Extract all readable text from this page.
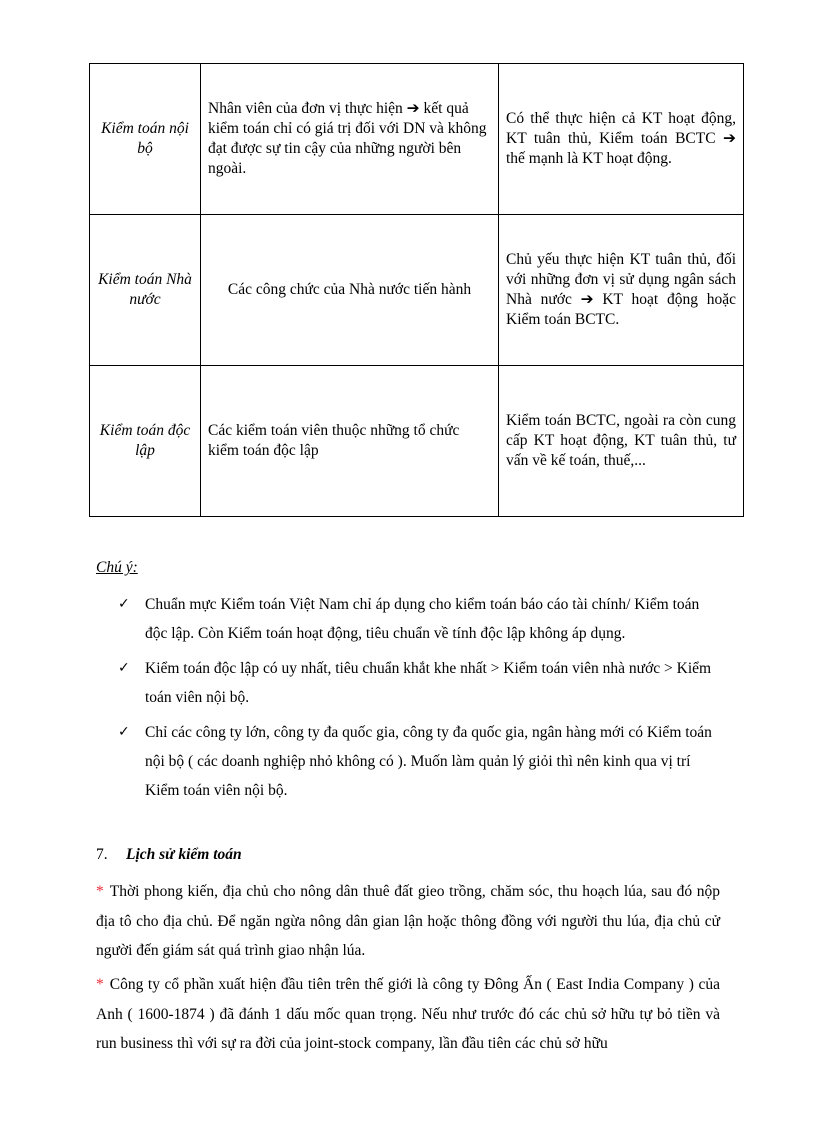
Kiểm toán nội bộ	Nhân viên của đơn vị thực hiện ➔ kết quả kiểm toán chỉ có giá trị đối với DN và không đạt được sự tin cậy của những người bên ngoài.	Có thể thực hiện cả KT hoạt động, KT tuân thủ, Kiểm toán BCTC ➔ thế mạnh là KT hoạt động.
Kiểm toán Nhà nước	Các công chức của Nhà nước tiến hành	Chủ yếu thực hiện KT tuân thủ, đối với những đơn vị sử dụng ngân sách Nhà nước ➔ KT hoạt động hoặc Kiểm toán BCTC.
Kiểm toán độc lập	Các kiểm toán viên thuộc những tổ chức kiểm toán độc lập	Kiểm toán BCTC, ngoài ra còn cung cấp KT hoạt động, KT tuân thủ, tư vấn về kế toán, thuế,...
Chú ý:
✓ Chuẩn mực Kiểm toán Việt Nam chỉ áp dụng cho kiểm toán báo cáo tài chính/ Kiểm toán độc lập. Còn Kiểm toán hoạt động, tiêu chuẩn về tính độc lập không áp dụng.
✓ Kiểm toán độc lập có uy nhất, tiêu chuẩn khắt khe nhất > Kiểm toán viên nhà nước > Kiểm toán viên nội bộ.
✓ Chỉ các công ty lớn, công ty đa quốc gia, công ty đa quốc gia, ngân hàng mới có Kiểm toán nội bộ ( các doanh nghiệp nhỏ không có ). Muốn làm quản lý giỏi thì nên kinh qua vị trí Kiểm toán viên nội bộ.
7. Lịch sử kiểm toán
* Thời phong kiến, địa chủ cho nông dân thuê đất gieo trồng, chăm sóc, thu hoạch lúa, sau đó nộp địa tô cho địa chủ. Để ngăn ngừa nông dân gian lận hoặc thông đồng với người thu lúa, địa chủ cử người đến giám sát quá trình giao nhận lúa.
* Công ty cổ phần xuất hiện đầu tiên trên thế giới là công ty Đông Ấn ( East India Company ) của Anh ( 1600-1874 ) đã đánh 1 dấu mốc quan trọng. Nếu như trước đó các chủ sở hữu tự bỏ tiền và run business thì với sự ra đời của joint-stock company, lần đầu tiên các chủ sở hữu
